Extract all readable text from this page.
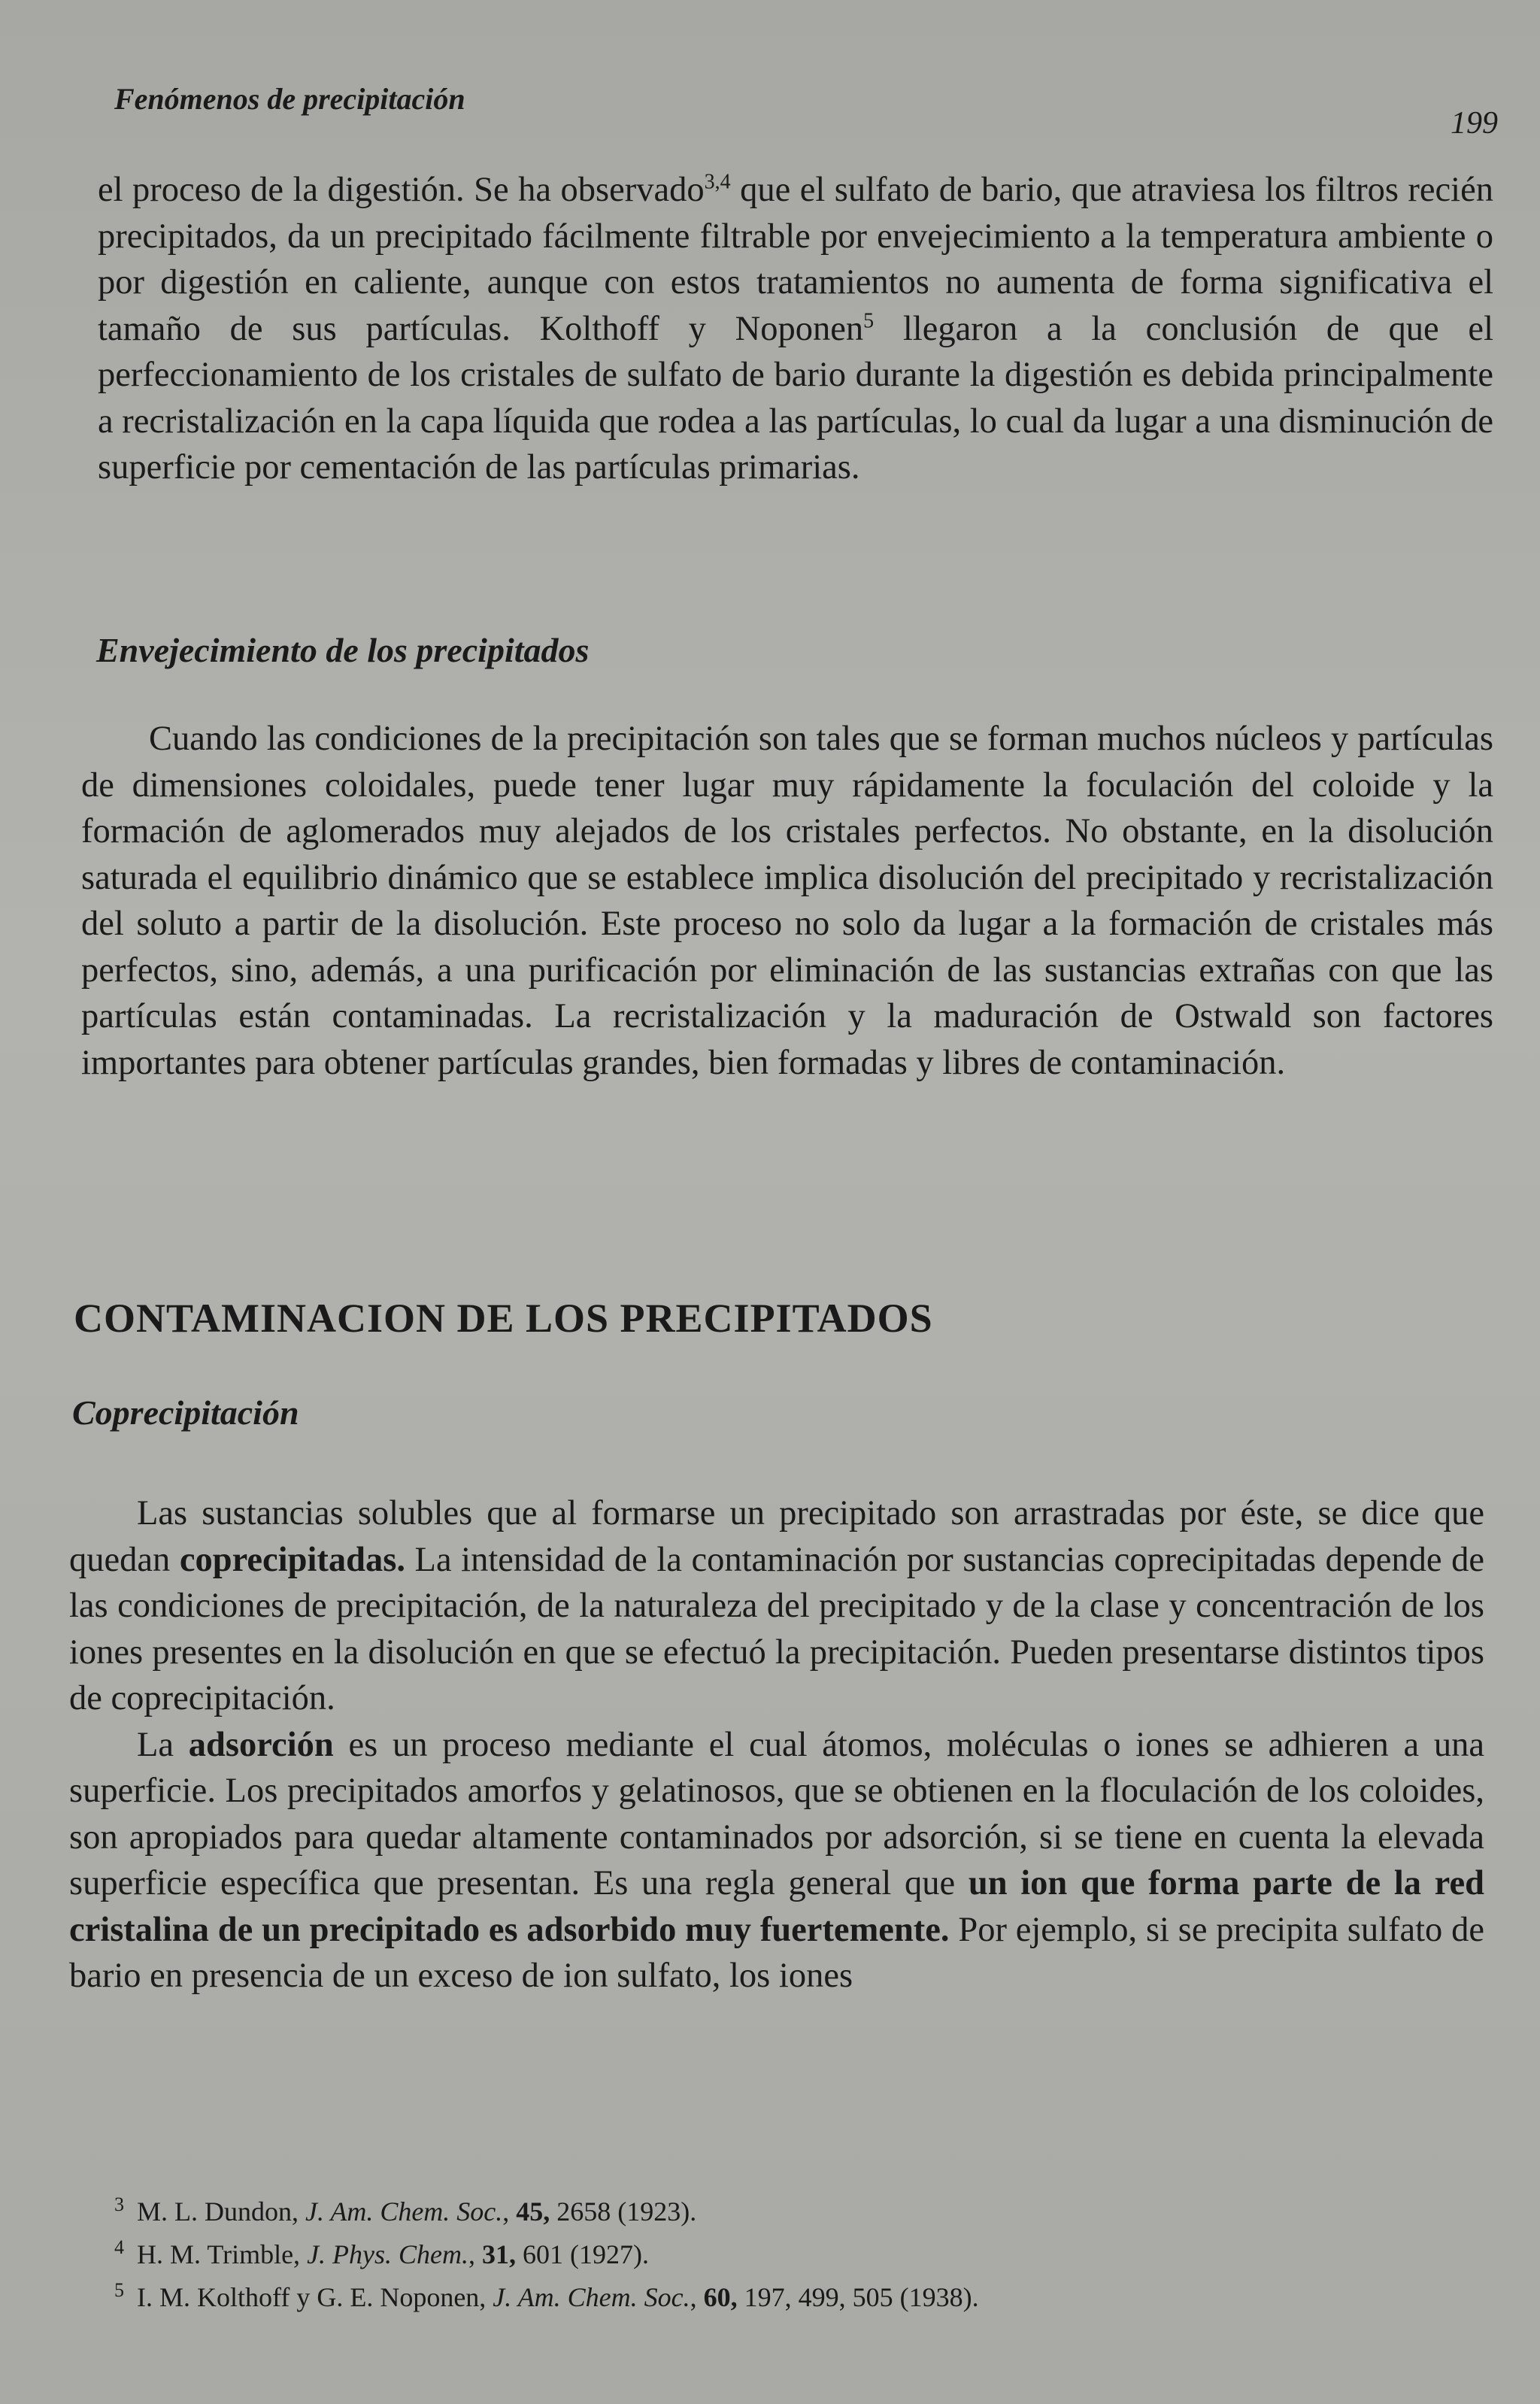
Fenómenos de precipitación
199

el proceso de la digestión. Se ha observado$^{3,4}$ que el sulfato de bario, que atraviesa los filtros recién precipitados, da un precipitado fácilmente filtrable por envejecimiento a la temperatura ambiente o por digestión en caliente, aunque con estos tratamientos no aumenta de forma significativa el tamaño de sus partículas. Kolthoff y Noponen$^5$ llegaron a la conclusión de que el perfeccionamiento de los cristales de sulfato de bario durante la digestión es debida principalmente a recristalización en la capa líquida que rodea a las partículas, lo cual da lugar a una disminución de superficie por cementación de las partículas primarias.

Envejecimiento de los precipitados

Cuando las condiciones de la precipitación son tales que se forman muchos núcleos y partículas de dimensiones coloidales, puede tener lugar muy rápidamente la foculación del coloide y la formación de aglomerados muy alejados de los cristales perfectos. No obstante, en la disolución saturada el equilibrio dinámico que se establece implica disolución del precipitado y recristalización del soluto a partir de la disolución. Este proceso no solo da lugar a la formación de cristales más perfectos, sino, además, a una purificación por eliminación de las sustancias extrañas con que las partículas están contaminadas. La recristalización y la maduración de Ostwald son factores importantes para obtener partículas grandes, bien formadas y libres de contaminación.

CONTAMINACION DE LOS PRECIPITADOS
Coprecipitación

Las sustancias solubles que al formarse un precipitado son arrastradas por éste, se dice que quedan coprecipitadas. La intensidad de la contaminación por sustancias coprecipitadas depende de las condiciones de precipitación, de la naturaleza del precipitado y de la clase y concentración de los iones presentes en la disolución en que se efectuó la precipitación. Pueden presentarse distintos tipos de coprecipitación.

La adsorción es un proceso mediante el cual átomos, moléculas o iones se adhieren a una superficie. Los precipitados amorfos y gelatinosos, que se obtienen en la floculación de los coloides, son apropiados para quedar altamente contaminados por adsorción, si se tiene en cuenta la elevada superficie específica que presentan. Es una regla general que un ion que forma parte de la red cristalina de un precipitado es adsorbido muy fuertemente. Por ejemplo, si se precipita sulfato de bario en presencia de un exceso de ion sulfato, los iones

3 M. L. Dundon, J. Am. Chem. Soc., 45, 2658 (1923).
4 H. M. Trimble, J. Phys. Chem., 31, 601 (1927).
5 I. M. Kolthoff y G. E. Noponen, J. Am. Chem. Soc., 60, 197, 499, 505 (1938).
